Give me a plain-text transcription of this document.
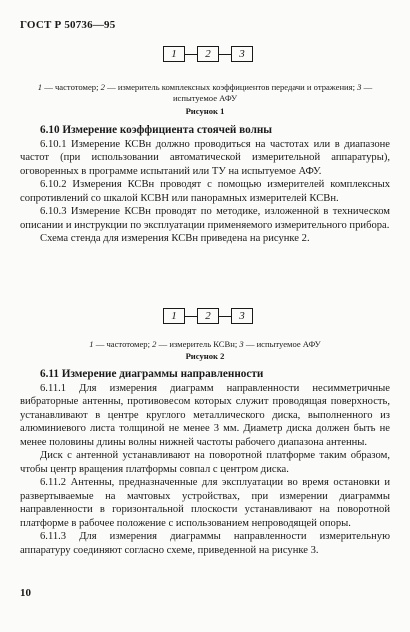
ГОСТ Р 50736—95
1	2	3
1 — частотомер; 2 — измеритель комплексных коэффициентов передачи и отражения; 3 — испытуемое АФУ
Рисунок 1

6.10 Измерение коэффициента стоячей волны

6.10.1 Измерение КСВн должно проводиться на частотах или в диапазоне частот (при использовании автоматической измерительной аппаратуры), оговоренных в программе испытаний или ТУ на испытуемое АФУ.

6.10.2 Измерения КСВн проводят с помощью измерителей комплексных сопротивлений со шкалой КСВН или панорамных измерителей КСВн.

6.10.3 Измерение КСВн проводят по методике, изложенной в техническом описании и инструкции по эксплуатации применяемого измерительного прибора.

Схема стенда для измерения КСВн приведена на рисунке 2.

1	2	3
1 — частотомер; 2 — измеритель КСВн; 3 — испытуемое АФУ
Рисунок 2

6.11 Измерение диаграммы направленности

6.11.1 Для измерения диаграмм направленности несимметричные вибраторные антенны, противовесом которых служит проводящая поверхность, устанавливают в центре круглого металлического диска, выполненного из алюминиевого листа толщиной не менее 3 мм. Диаметр диска должен быть не менее половины длины волны нижней частоты рабочего диапазона антенны.

Диск с антенной устанавливают на поворотной платформе таким образом, чтобы центр вращения платформы совпал с центром диска.

6.11.2 Антенны, предназначенные для эксплуатации во время остановки и развертываемые на мачтовых устройствах, при измерении диаграммы направленности в горизонтальной плоскости устанавливают на поворотной платформе в рабочее положение с использованием непроводящей опоры.

6.11.3 Для измерения диаграммы направленности измерительную аппаратуру соединяют согласно схеме, приведенной на рисунке 3.

10
